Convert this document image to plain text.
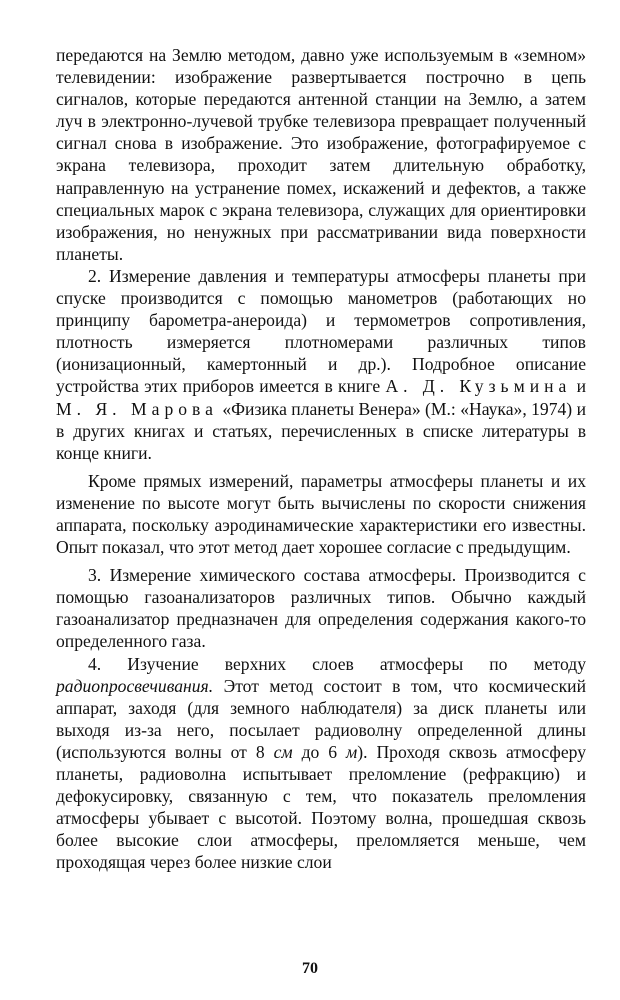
передаются на Землю методом, давно уже используемым в «земном» телевидении: изображение развертывается построчно в цепь сигналов, которые передаются антенной станции на Землю, а затем луч в электронно-лучевой трубке телевизора превращает полученный сигнал снова в изображение. Это изображение, фотографируемое с экрана телевизора, проходит затем длительную обработку, направленную на устранение помех, искажений и дефектов, а также специальных марок с экрана телевизора, служащих для ориентировки изображения, но ненужных при рассматривании вида поверхности планеты.

2. Измерение давления и температуры атмосферы планеты при спуске производится с помощью манометров (работающих но принципу барометра-анероида) и термометров сопротивления, плотность измеряется плотномерами различных типов (ионизационный, камертонный и др.). Подробное описание устройства этих приборов имеется в книге А. Д. Кузьмина и М. Я. Марова «Физика планеты Венера» (М.: «Наука», 1974) и в других книгах и статьях, перечисленных в списке литературы в конце книги.

Кроме прямых измерений, параметры атмосферы планеты и их изменение по высоте могут быть вычислены по скорости снижения аппарата, поскольку аэродинамические характеристики его известны. Опыт показал, что этот метод дает хорошее согласие с предыдущим.

3. Измерение химического состава атмосферы. Производится с помощью газоанализаторов различных типов. Обычно каждый газоанализатор предназначен для определения содержания какого-то определенного газа.

4. Изучение верхних слоев атмосферы по методу радиопросвечивания. Этот метод состоит в том, что космический аппарат, заходя (для земного наблюдателя) за диск планеты или выходя из-за него, посылает радиоволну определенной длины (используются волны от 8 см до 6 м). Проходя сквозь атмосферу планеты, радиоволна испытывает преломление (рефракцию) и дефокусировку, связанную с тем, что показатель преломления атмосферы убывает с высотой. Поэтому волна, прошедшая сквозь более высокие слои атмосферы, преломляется меньше, чем проходящая через более низкие слои

70
